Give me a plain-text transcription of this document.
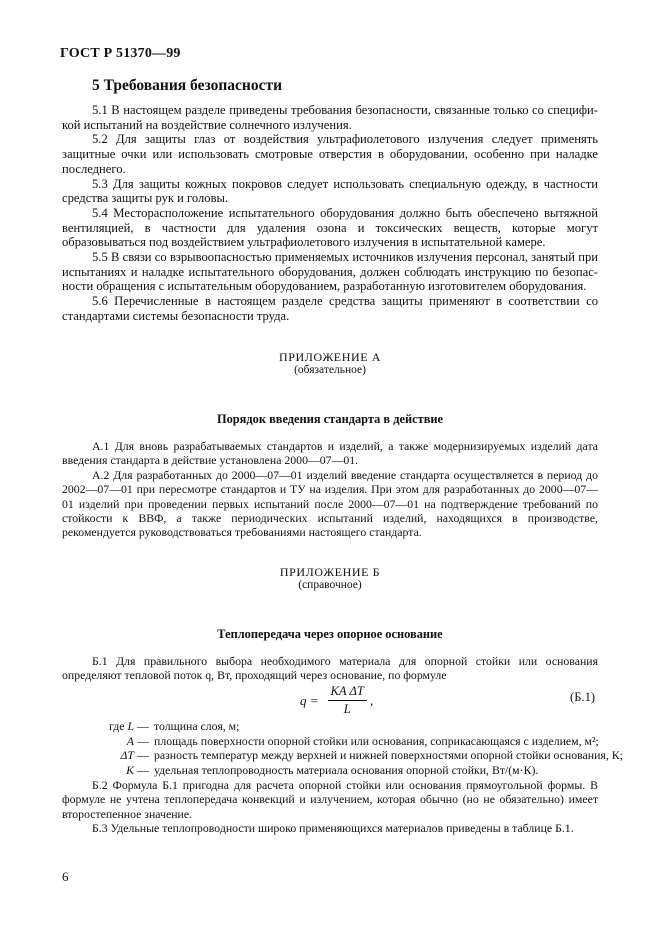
ГОСТ Р 51370—99
5 Требования безопасности

5.1 В настоящем разделе приведены требования безопасности, связанные только со спецификой испытаний на воздействие солнечного излучения.

5.2 Для защиты глаз от воздействия ультрафиолетового излучения следует применять защитные очки или использовать смотровые отверстия в оборудовании, особенно при наладке последнего.

5.3 Для защиты кожных покровов следует использовать специальную одежду, в частности средства защиты рук и головы.

5.4 Месторасположение испытательного оборудования должно быть обеспечено вытяжной вентиляцией, в частности для удаления озона и токсических веществ, которые могут образовываться под воздействием ультрафиолетового излучения в испытательной камере.

5.5 В связи со взрывоопасностью применяемых источников излучения персонал, занятый при испытаниях и наладке испытательного оборудования, должен соблюдать инструкцию по безопасности обращения с испытательным оборудованием, разработанную изготовителем оборудования.

5.6 Перечисленные в настоящем разделе средства защиты применяют в соответствии со стандартами системы безопасности труда.

ПРИЛОЖЕНИЕ А
(обязательное)
Порядок введения стандарта в действие

А.1 Для вновь разрабатываемых стандартов и изделий, а также модернизируемых изделий дата введения стандарта в действие установлена 2000—07—01.

А.2 Для разработанных до 2000—07—01 изделий введение стандарта осуществляется в период до 2002—07—01 при пересмотре стандартов и ТУ на изделия. При этом для разработанных до 2000—07—01 изделий при проведении первых испытаний после 2000—07—01 на подтверждение требований по стойкости к ВВФ, а также периодических испытаний изделий, находящихся в производстве, рекомендуется руководствоваться требованиями настоящего стандарта.

ПРИЛОЖЕНИЕ Б
(справочное)
Теплопередача через опорное основание

Б.1 Для правильного выбора необходимого материала для опорной стойки или основания определяют тепловой поток q, Вт, проходящий через основание, по формуле

$q = \frac{\text{KA ΔT}}{L}$ ,	(Б.1)
где L — толщина слоя, м;
A — площадь поверхности опорной стойки или основания, соприкасающаяся с изделием, м²;
ΔT — разность температур между верхней и нижней поверхностями опорной стойки основания, К;
K — удельная теплопроводность материала основания опорной стойки, Вт/(м·К).

Б.2 Формула Б.1 пригодна для расчета опорной стойки или основания прямоугольной формы. В формуле не учтена теплопередача конвекций и излучением, которая обычно (но не обязательно) имеет второстепенное значение.

Б.3 Удельные теплопроводности широко применяющихся материалов приведены в таблице Б.1.

6
